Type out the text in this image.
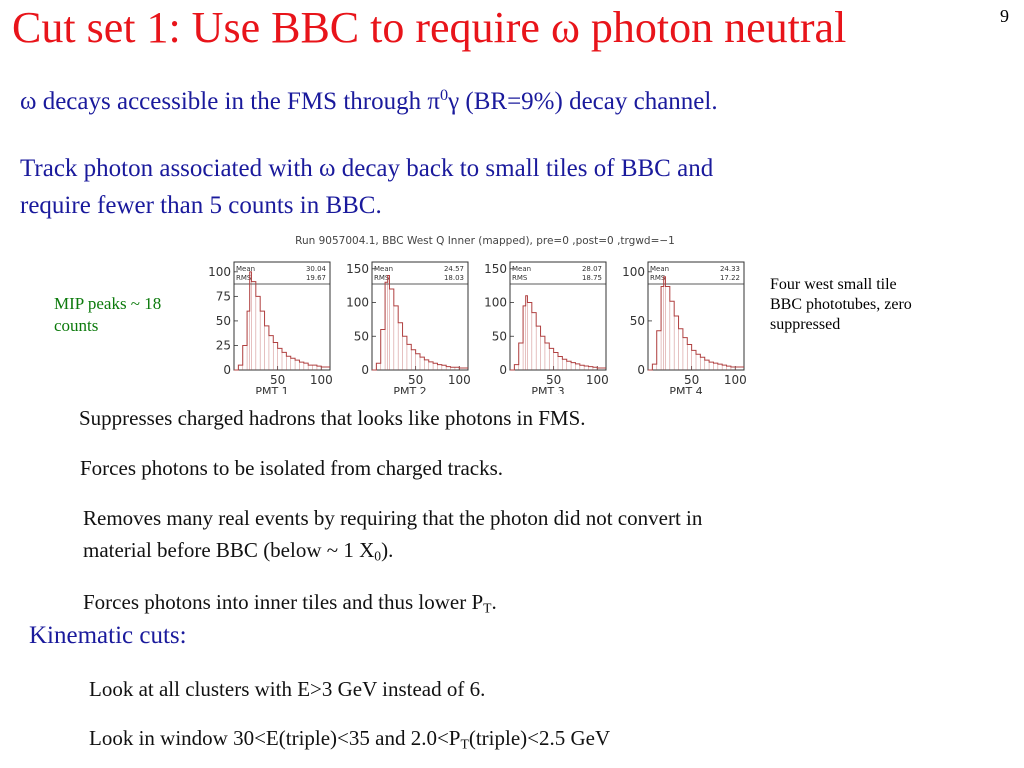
Cut set 1: Use BBC to require ω photon neutral	9
ω decays accessible in the FMS through $\pi^0\gamma$ (BR=9%) decay channel.
Track photon associated with ω decay back to small tiles of BBC and
require fewer than 5 counts in BBC.
MIP peaks ~ 18 counts
Four west small tile BBC phototubes, zero suppressed
Run 9057004.1, BBC West Q Inner (mapped), pre=0 ,post=0 ,trgwd=−1
Mean	30.04
RMS	19.67
0
25
50
75
100
50 100
PMT 1
Mean	24.57
RMS	18.03
0
50
100
150
50 100
PMT 2
Mean	28.07
RMS	18.75
0
50
100
150
50 100
PMT 3
Mean	24.33
RMS	17.22
0
50
100
50 100
PMT 4
Suppresses charged hadrons that looks like photons in FMS.
Forces photons to be isolated from charged tracks.
Removes many real events by requiring that the photon did not convert in
material before BBC (below ~ 1 $X_0$).
Forces photons into inner tiles and thus lower $P_T$.
Kinematic cuts:
Look at all clusters with E>3 GeV instead of 6.
Look in window 30<E(triple)<35 and $2.0<P_T(triple)<2.5$ GeV
